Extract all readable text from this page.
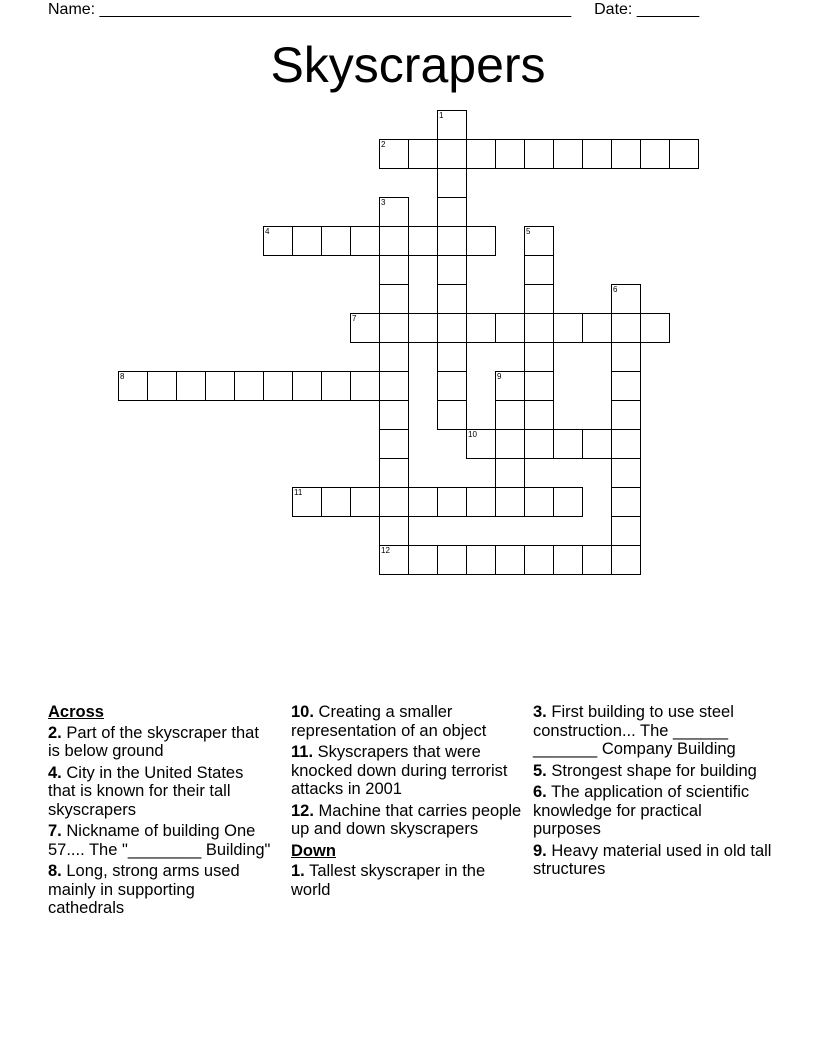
Name: _____________________________________________________ Date: _______
Skyscrapers
1
2
3
12
4	5
6
7
8	9
10
11
Across
2. Part of the skyscraper that is below ground
4. City in the United States that is known for their tall skyscrapers
7. Nickname of building One 57.... The "________ Building"
8. Long, strong arms used mainly in supporting cathedrals
10. Creating a smaller representation of an object
11. Skyscrapers that were knocked down during terrorist attacks in 2001
12. Machine that carries people up and down skyscrapers
Down
1. Tallest skyscraper in the world
3. First building to use steel construction... The ______ _______ Company Building
5. Strongest shape for building
6. The application of scientific knowledge for practical purposes
9. Heavy material used in old tall structures
